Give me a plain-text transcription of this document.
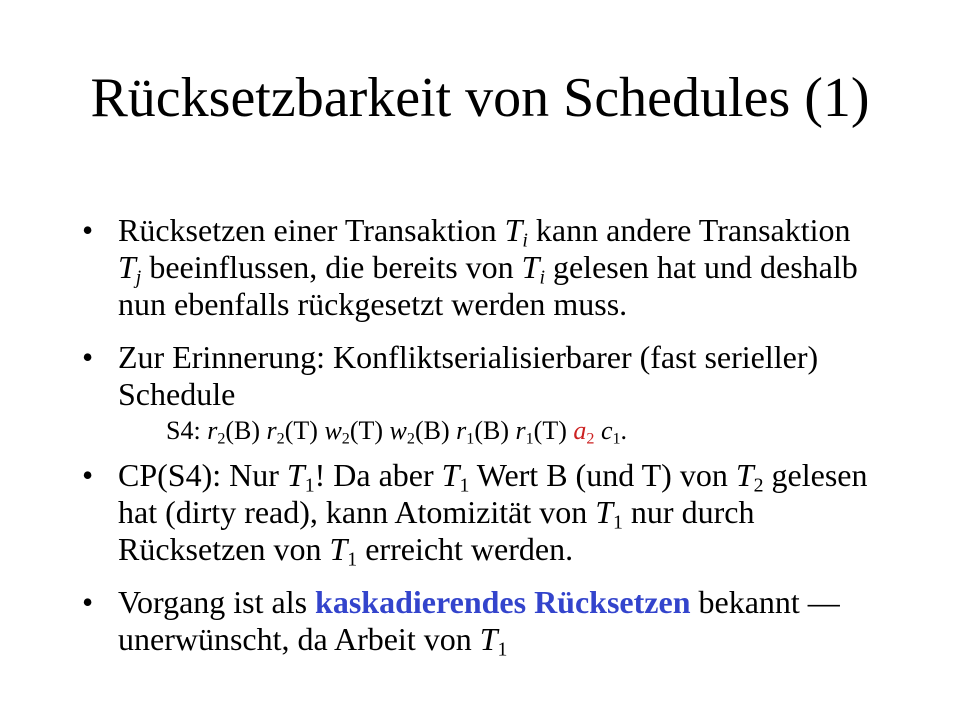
Rücksetzbarkeit von Schedules (1)
• Rücksetzen einer Transaktion $T_i$ kann andere Transaktion $T_j$ beeinflussen, die bereits von $T_i$ gelesen hat und deshalb nun ebenfalls rückgesetzt werden muss.
• Zur Erinnerung: Konfliktserialisierbarer (fast serieller) Schedule
S4: $r_2(B)$ $r_2(T)$ $w_2(T)$ $w_2(B)$ $r_1(B)$ $r_1(T)$ $a_2$ $c_1$.
• CP(S4): Nur $T_1$! Da aber $T_1$ Wert B (und T) von $T_2$ gelesen hat (dirty read), kann Atomizität von $T_1$ nur durch Rücksetzen von $T_1$ erreicht werden.
• Vorgang ist als kaskadierendes Rücksetzen bekannt — unerwünscht, da Arbeit von $T_1$
